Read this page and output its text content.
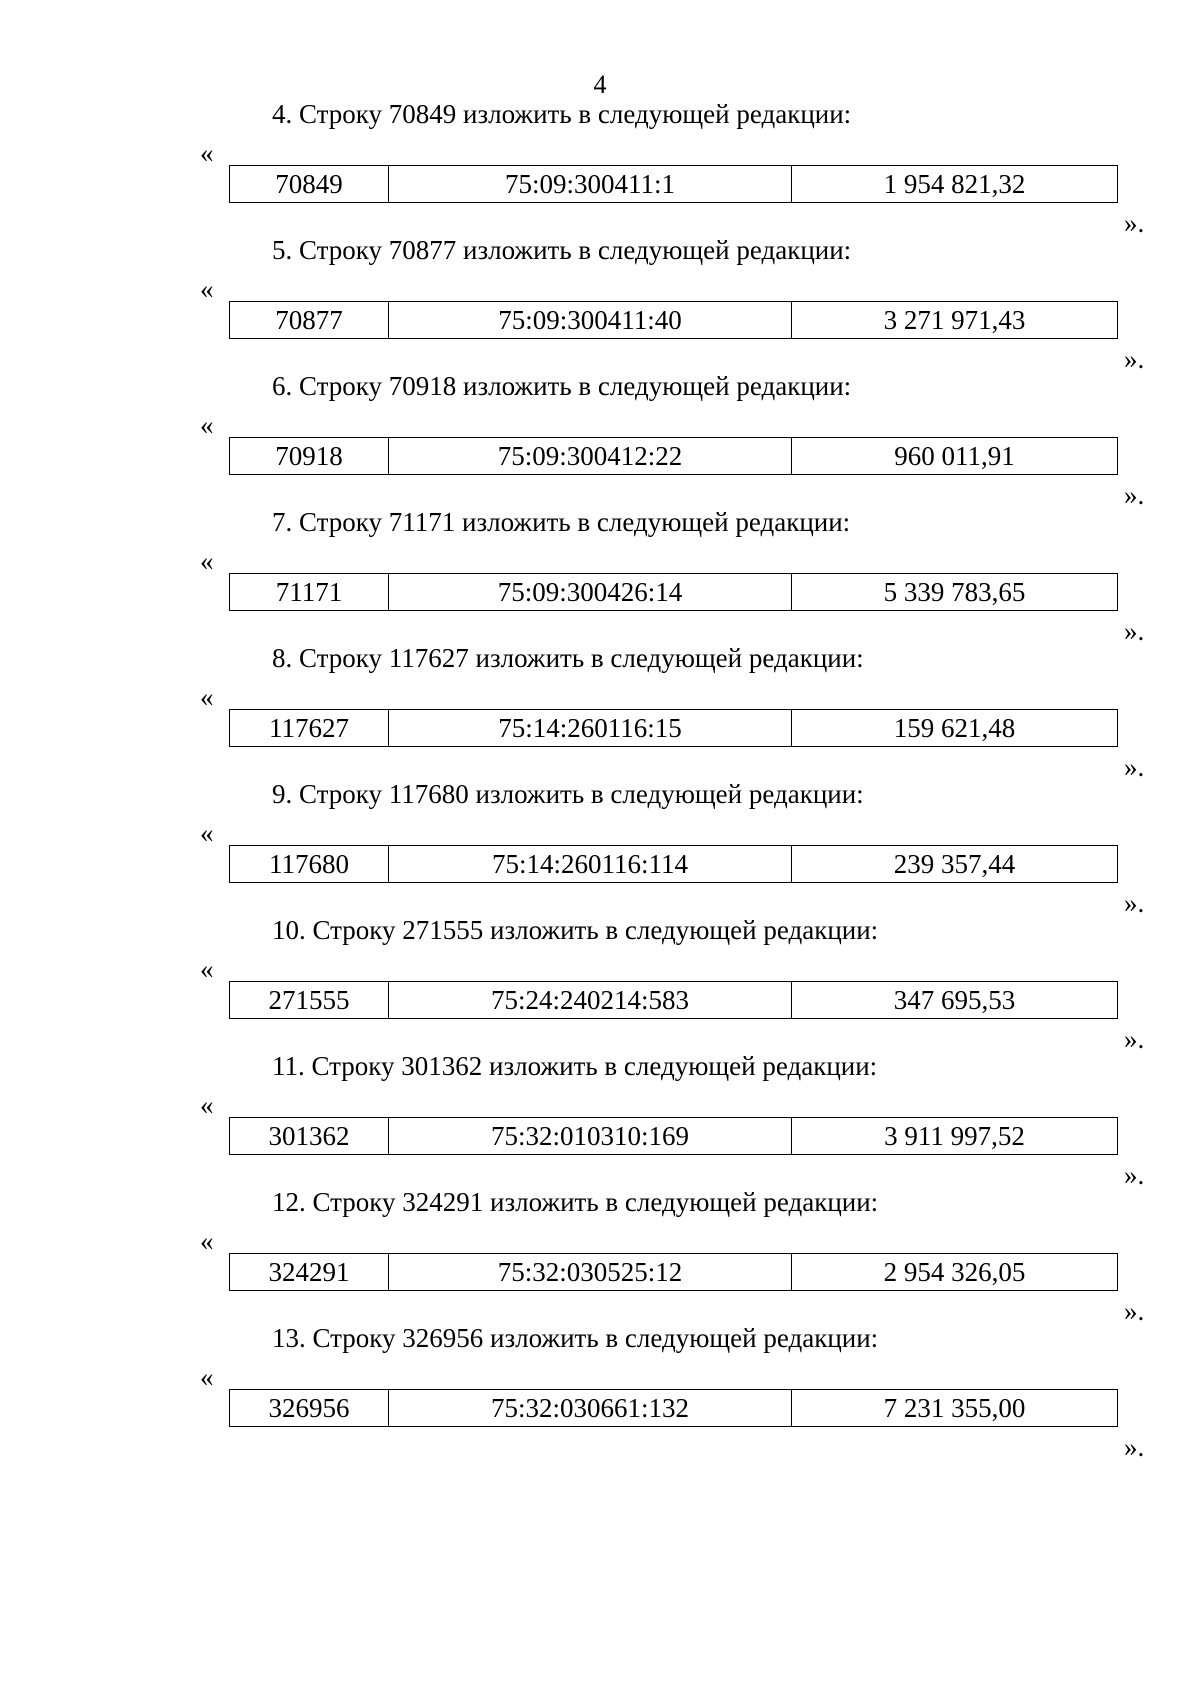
4
4. Строку 70849 изложить в следующей редакции:
«
70849	75:09:300411:1	1 954 821,32
».
5. Строку 70877 изложить в следующей редакции:
«
70877	75:09:300411:40	3 271 971,43
».
6. Строку 70918 изложить в следующей редакции:
«
70918	75:09:300412:22	960 011,91
».
7. Строку 71171 изложить в следующей редакции:
«
71171	75:09:300426:14	5 339 783,65
».
8. Строку 117627 изложить в следующей редакции:
«
117627	75:14:260116:15	159 621,48
».
9. Строку 117680 изложить в следующей редакции:
«
117680	75:14:260116:114	239 357,44
».
10. Строку 271555 изложить в следующей редакции:
«
271555	75:24:240214:583	347 695,53
».
11. Строку 301362 изложить в следующей редакции:
«
301362	75:32:010310:169	3 911 997,52
».
12. Строку 324291 изложить в следующей редакции:
«
324291	75:32:030525:12	2 954 326,05
».
13. Строку 326956 изложить в следующей редакции:
«
326956	75:32:030661:132	7 231 355,00
».
